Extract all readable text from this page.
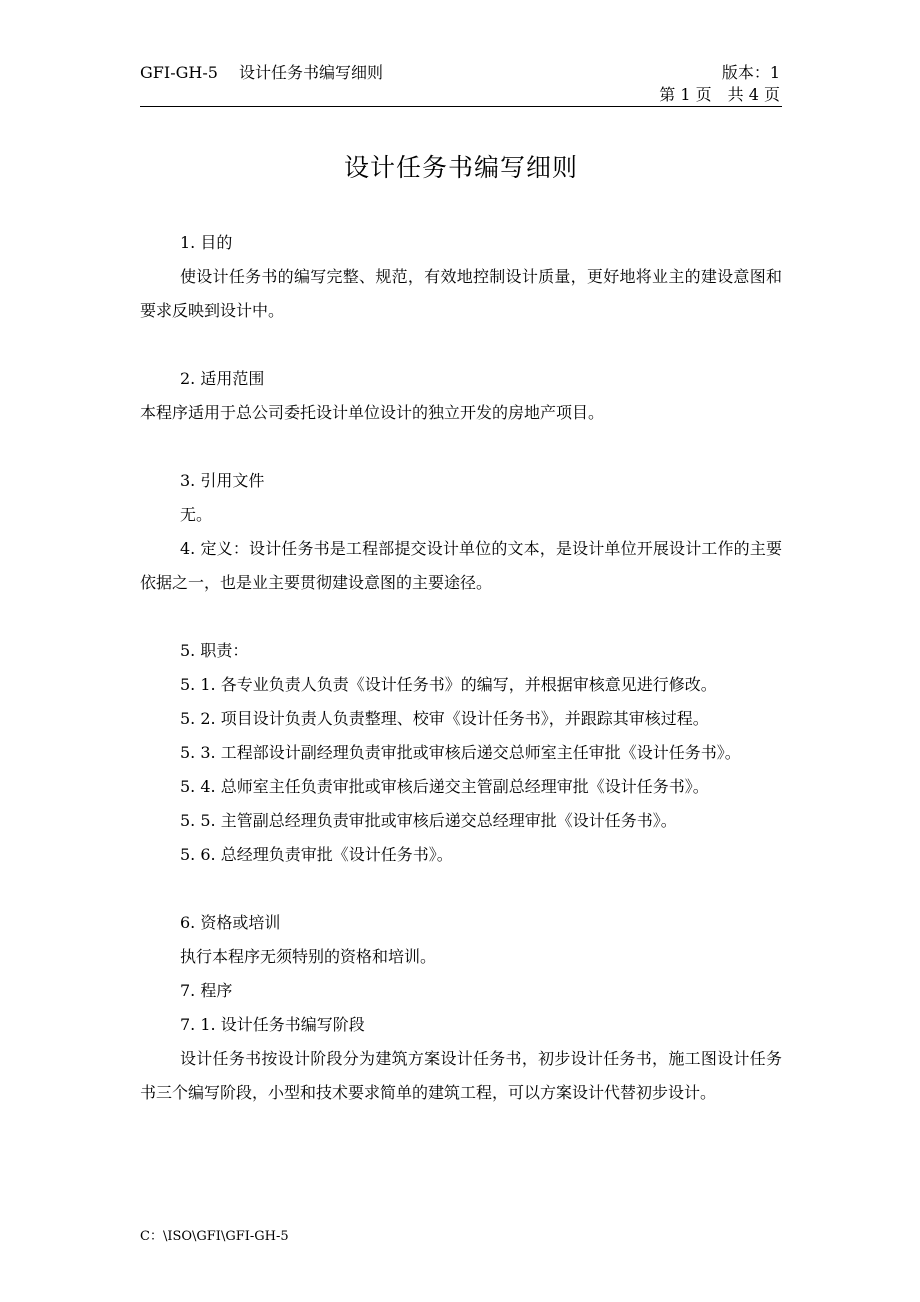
GFI-GH-5 设计任务书编写细则	版本：1
第 1 页　共 4 页
设计任务书编写细则

1. 目的

使设计任务书的编写完整、规范，有效地控制设计质量，更好地将业主的建设意图和要求反映到设计中。

2. 适用范围

本程序适用于总公司委托设计单位设计的独立开发的房地产项目。

3. 引用文件

无。

4. 定义：设计任务书是工程部提交设计单位的文本，是设计单位开展设计工作的主要依据之一，也是业主要贯彻建设意图的主要途径。

5. 职责：

5. 1. 各专业负责人负责《设计任务书》的编写，并根据审核意见进行修改。

5. 2. 项目设计负责人负责整理、校审《设计任务书》，并跟踪其审核过程。

5. 3. 工程部设计副经理负责审批或审核后递交总师室主任审批《设计任务书》。

5. 4. 总师室主任负责审批或审核后递交主管副总经理审批《设计任务书》。

5. 5. 主管副总经理负责审批或审核后递交总经理审批《设计任务书》。

5. 6. 总经理负责审批《设计任务书》。

6. 资格或培训

执行本程序无须特别的资格和培训。

7. 程序

7. 1. 设计任务书编写阶段

设计任务书按设计阶段分为建筑方案设计任务书，初步设计任务书，施工图设计任务书三个编写阶段，小型和技术要求简单的建筑工程，可以方案设计代替初步设计。

C：\ISO\GFI\GFI-GH-5
